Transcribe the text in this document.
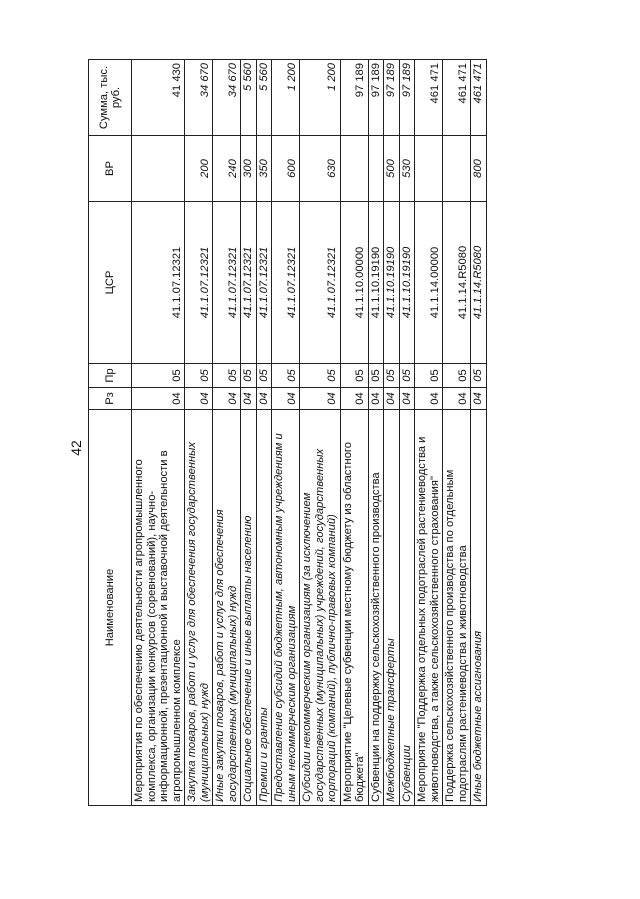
42
Наименование	Рз	Пр	ЦСР	ВР	Сумма, тыс. руб.
Мероприятия по обеспечению деятельности агропромышленного комплекса, организации конкурсов (соревнований), научно-информационной, презентационной и выставочной деятельности в агропромышленном комплексе	04	05	41.1.07.12321		41 430
Закупка товаров, работ и услуг для обеспечения государственных (муниципальных) нужд	04	05	41.1.07.12321	200	34 670
Иные закупки товаров, работ и услуг для обеспечения государственных (муниципальных) нужд	04	05	41.1.07.12321	240	34 670
Социальное обеспечение и иные выплаты населению	04	05	41.1.07.12321	300	5 560
Премии и гранты	04	05	41.1.07.12321	350	5 560
Предоставление субсидий бюджетным, автономным учреждениям и иным некоммерческим организациям	04	05	41.1.07.12321	600	1 200
Субсидии некоммерческим организациям (за исключением государственных (муниципальных) учреждений, государственных корпораций (компаний), публично-правовых компаний)	04	05	41.1.07.12321	630	1 200
Мероприятие "Целевые субвенции местному бюджету из областного бюджета"	04	05	41.1.10.00000		97 189
Субвенции на поддержку сельскохозяйственного производства	04	05	41.1.10.19190		97 189
Межбюджетные трансферты	04	05	41.1.10.19190	500	97 189
Субвенции	04	05	41.1.10.19190	530	97 189
Мероприятие "Поддержка отдельных подотраслей растениеводства и животноводства, а также сельскохозяйственного страхования"	04	05	41.1.14.00000		461 471
Поддержка сельскохозяйственного производства по отдельным подотраслям растениеводства и животноводства	04	05	41.1.14.R5080		461 471
Иные бюджетные ассигнования	04	05	41.1.14.R5080	800	461 471
